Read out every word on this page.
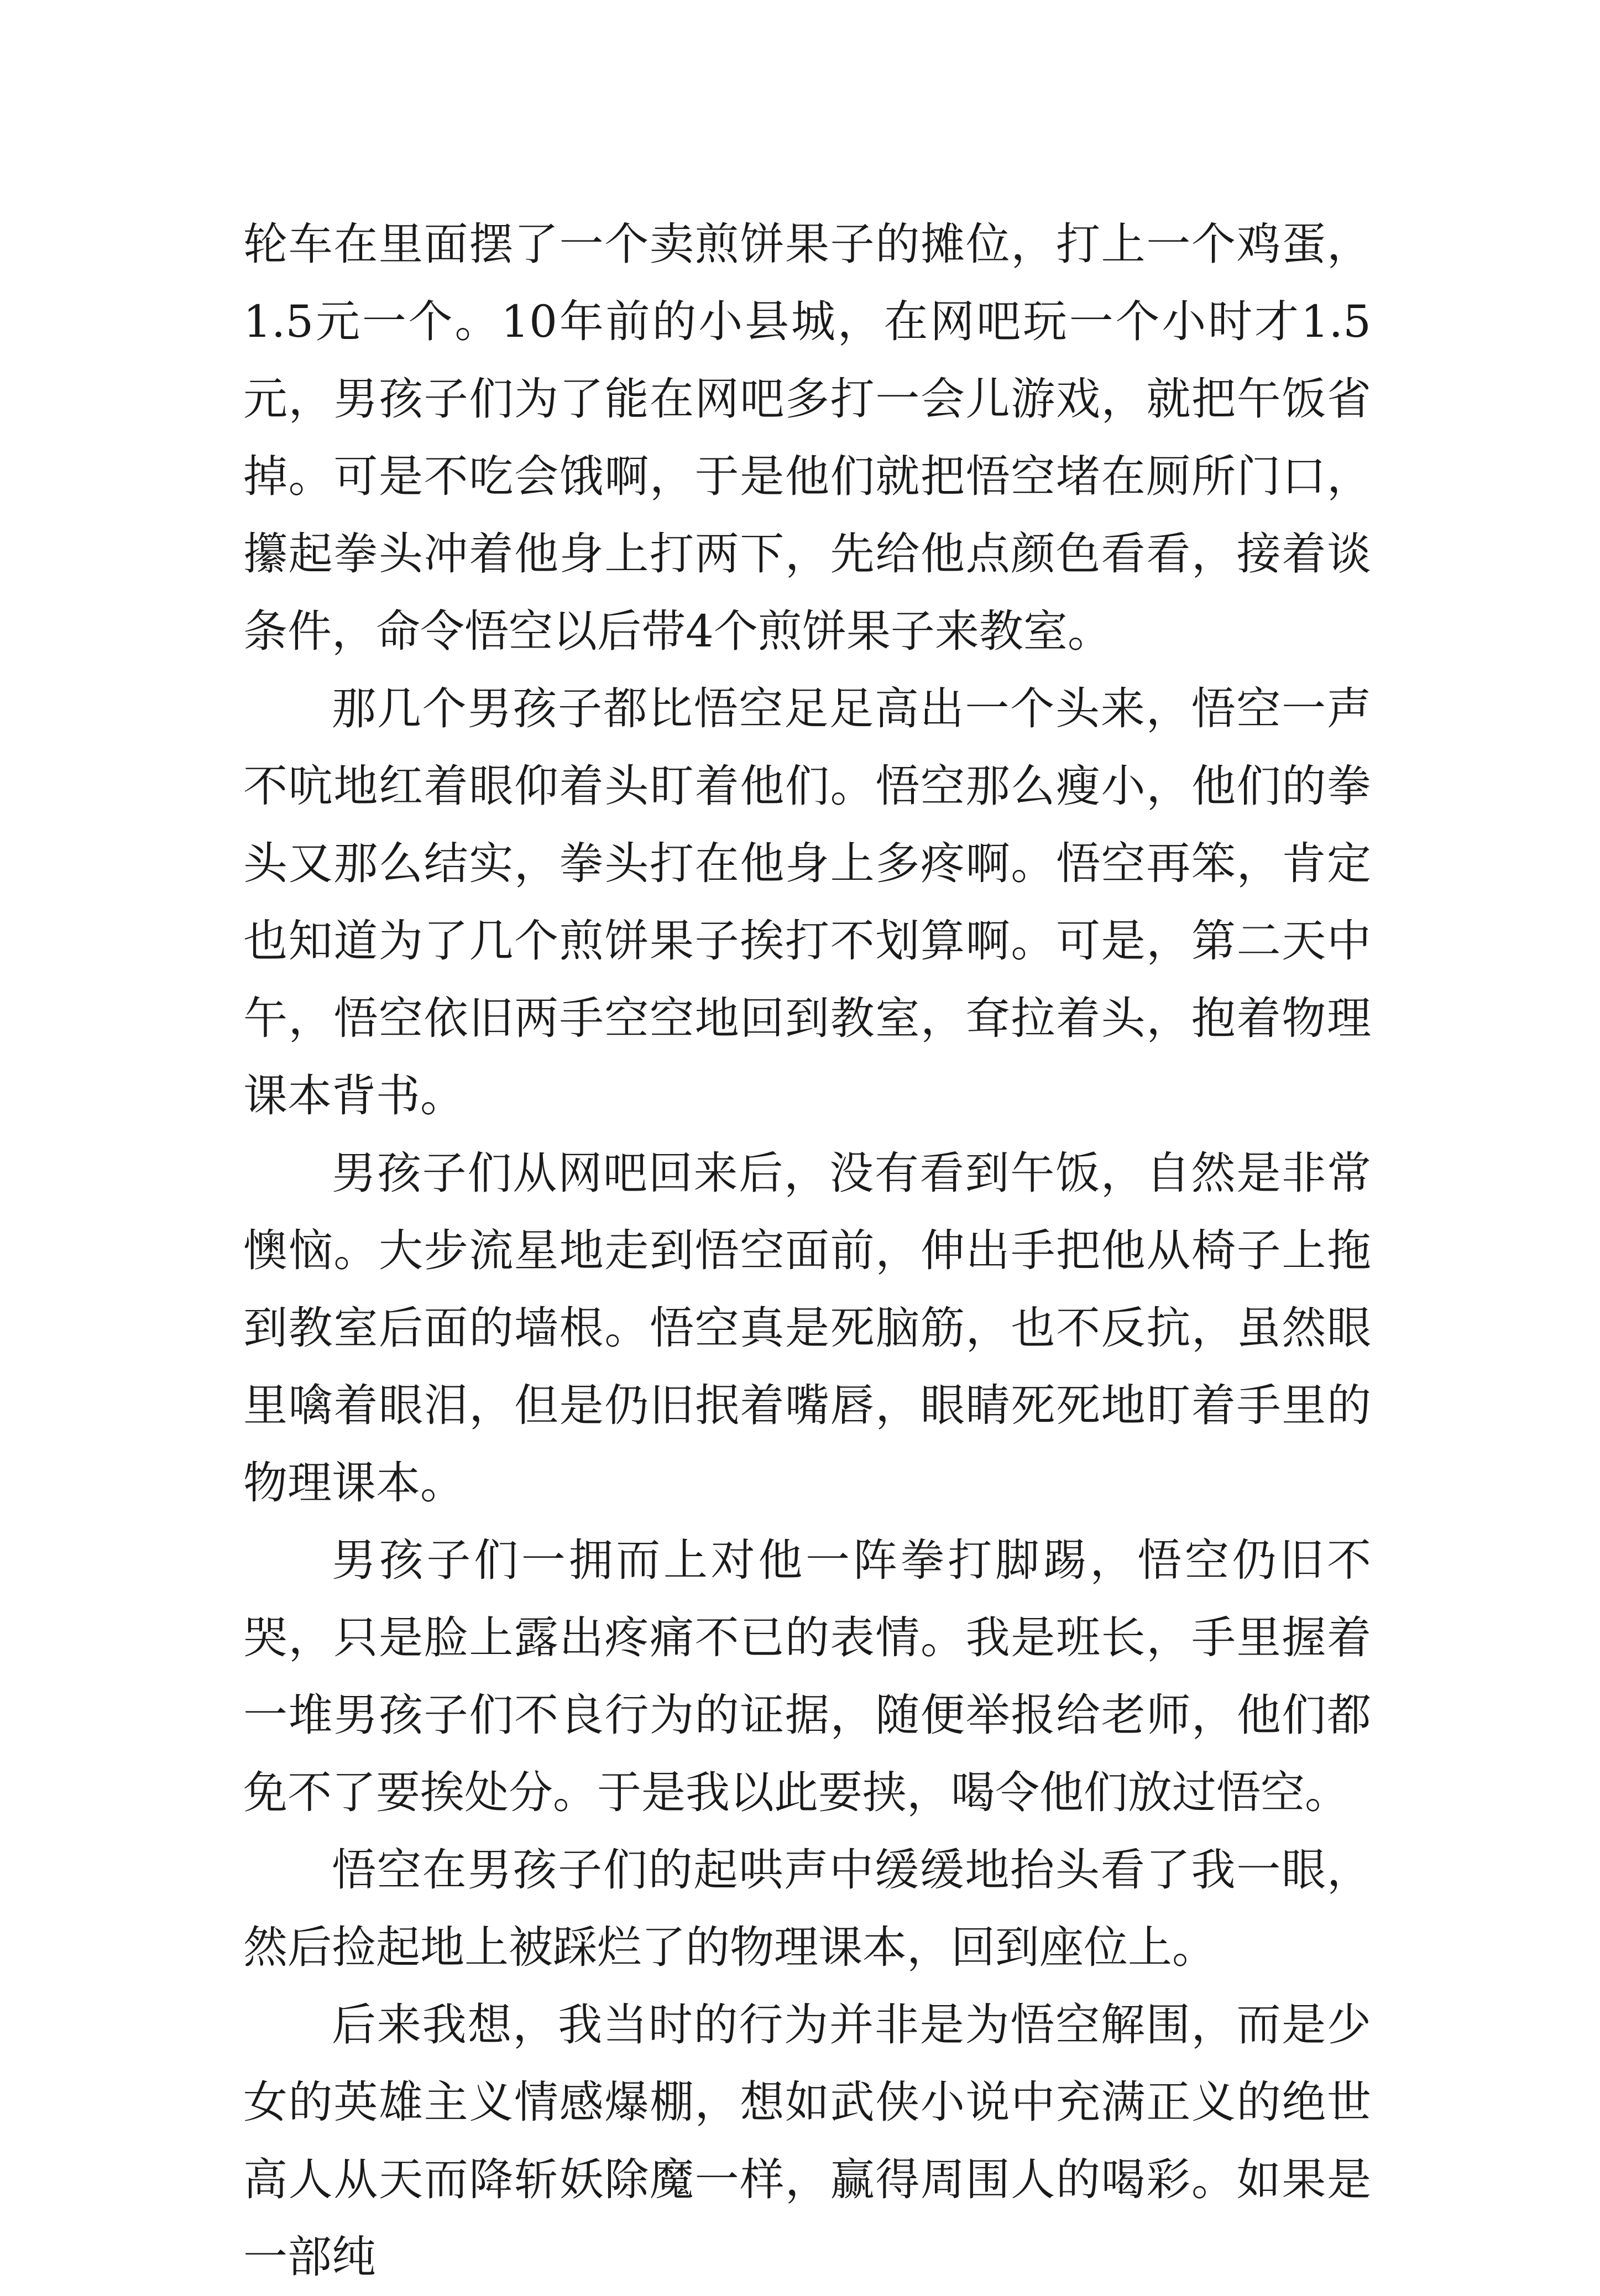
轮车在里面摆了一个卖煎饼果子的摊位，打上一个鸡蛋，1.5元一个。10年前的小县城，在网吧玩一个小时才1.5元，男孩子们为了能在网吧多打一会儿游戏，就把午饭省掉。可是不吃会饿啊，于是他们就把悟空堵在厕所门口，攥起拳头冲着他身上打两下，先给他点颜色看看，接着谈条件，命令悟空以后带4个煎饼果子来教室。

那几个男孩子都比悟空足足高出一个头来，悟空一声不吭地红着眼仰着头盯着他们。悟空那么瘦小，他们的拳头又那么结实，拳头打在他身上多疼啊。悟空再笨，肯定也知道为了几个煎饼果子挨打不划算啊。可是，第二天中午，悟空依旧两手空空地回到教室，耷拉着头，抱着物理课本背书。

男孩子们从网吧回来后，没有看到午饭，自然是非常懊恼。大步流星地走到悟空面前，伸出手把他从椅子上拖到教室后面的墙根。悟空真是死脑筋，也不反抗，虽然眼里噙着眼泪，但是仍旧抿着嘴唇，眼睛死死地盯着手里的物理课本。

男孩子们一拥而上对他一阵拳打脚踢，悟空仍旧不哭，只是脸上露出疼痛不已的表情。我是班长，手里握着一堆男孩子们不良行为的证据，随便举报给老师，他们都免不了要挨处分。于是我以此要挟，喝令他们放过悟空。

悟空在男孩子们的起哄声中缓缓地抬头看了我一眼，然后捡起地上被踩烂了的物理课本，回到座位上。

后来我想，我当时的行为并非是为悟空解围，而是少女的英雄主义情感爆棚，想如武侠小说中充满正义的绝世高人从天而降斩妖除魔一样，赢得周围人的喝彩。如果是一部纯
